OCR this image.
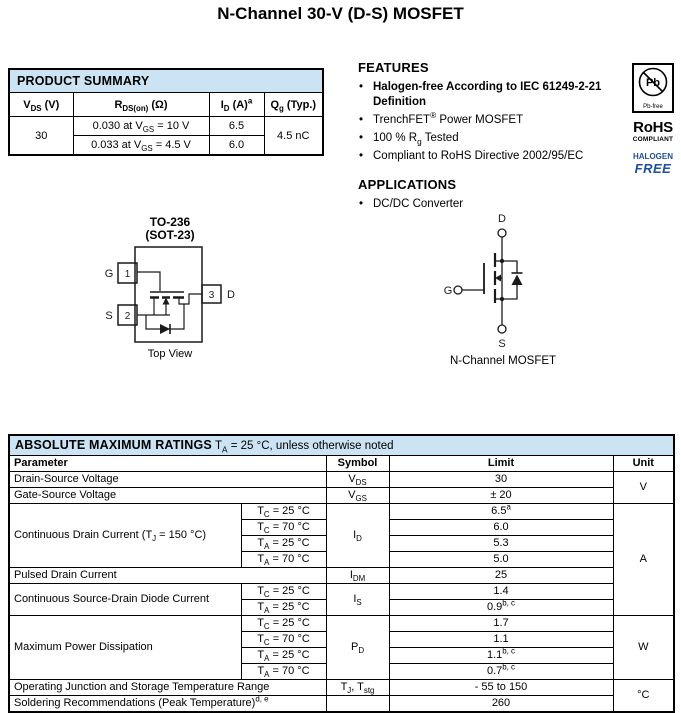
N-Channel 30-V (D-S) MOSFET
PRODUCT SUMMARY			
$V_{DS}$ (V)	$R_{DS(on)}$ (Ω)	$I_D$ $(A)^a$	$Q_g$ (Typ.)
30	0.030 at $V_{GS} = 10$ V	6.5	4.5 nC
	0.033 at $V_{GS} = 4.5$ V	6.0	
FEATURES
• Halogen-free According to IEC 61249-2-21 Definition
• TrenchFET® Power MOSFET
• 100 % $R_g$ Tested
• Compliant to RoHS Directive 2002/95/EC
APPLICATIONS
• DC/DC Converter
Pb
Pb-free
RoHS
COMPLIANT
HALOGEN
FREE
TO-236
(SOT-23)
G
S
D
1
2
3
Top View
D
G
S
N-Channel MOSFET
ABSOLUTE MAXIMUM RATINGS $T_A = 25$ °C, unless otherwise noted				
Parameter		Symbol	Limit	Unit
Drain-Source Voltage		$V_{DS}$	30	V
Gate-Source Voltage		$V_{GS}$	± 20	
Continuous Drain Current ($T_J = 150$ °C)	$T_C = 25$ °C	$I_D$	6.5$^a$	A
	$T_C = 70$ °C		6.0	
	$T_A = 25$ °C		5.3	
	$T_A = 70$ °C		5.0	
Pulsed Drain Current		$I_{DM}$	25	
Continuous Source-Drain Diode Current	$T_C = 25$ °C	$I_S$	1.4	
	$T_A = 25$ °C		0.9$^{b, c}$
Maximum Power Dissipation	$T_C = 25$ °C	$P_D$	1.7	W
	$T_C = 70$ °C		1.1	
	$T_A = 25$ °C		1.1$^{b, c}$
	$T_A = 70$ °C		0.7$^{b, c}$
Operating Junction and Storage Temperature Range		$T_J$, $T_{stg}$	- 55 to 150	°C
Soldering Recommendations (Peak Temperature)$^{d, e}$			260	
